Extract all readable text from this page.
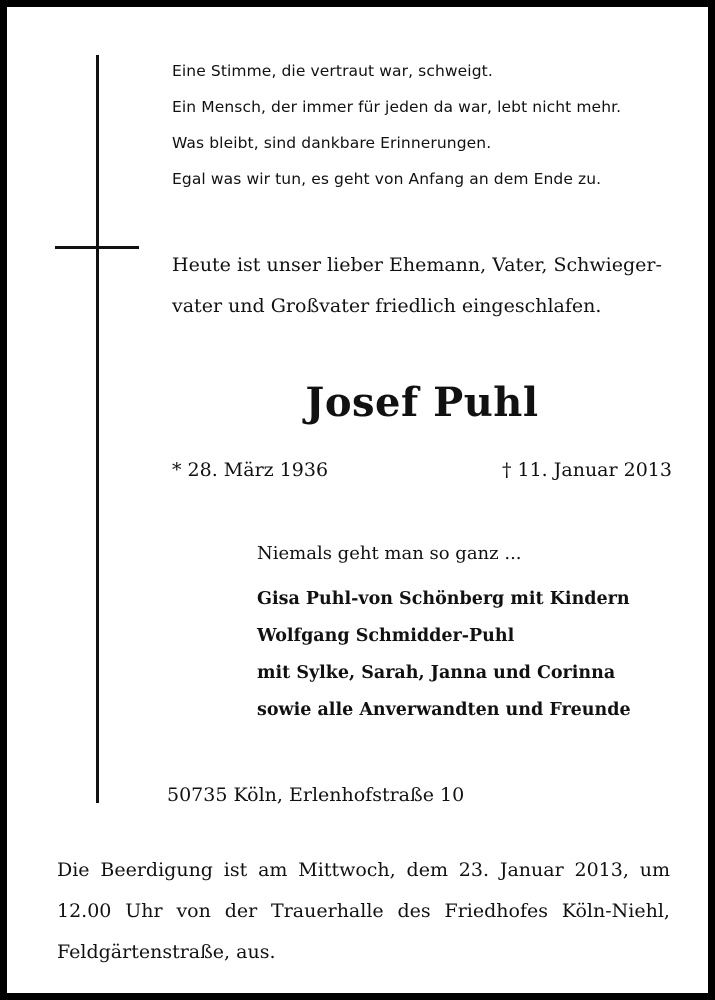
Eine Stimme, die vertraut war, schweigt.
Ein Mensch, der immer für jeden da war, lebt nicht mehr.
Was bleibt, sind dankbare Erinnerungen.
Egal was wir tun, es geht von Anfang an dem Ende zu.
Heute ist unser lieber Ehemann, Vater, Schwieger-
vater und Großvater friedlich eingeschlafen.
Josef Puhl
* 28. März 1936	† 11. Januar 2013
Niemals geht man so ganz ...
Gisa Puhl-von Schönberg mit Kindern
Wolfgang Schmidder-Puhl
mit Sylke, Sarah, Janna und Corinna
sowie alle Anverwandten und Freunde
50735 Köln, Erlenhofstraße 10
Die Beerdigung ist am Mittwoch, dem 23. Januar 2013, um
12.00 Uhr von der Trauerhalle des Friedhofes Köln-Niehl,
Feldgärtenstraße, aus.
